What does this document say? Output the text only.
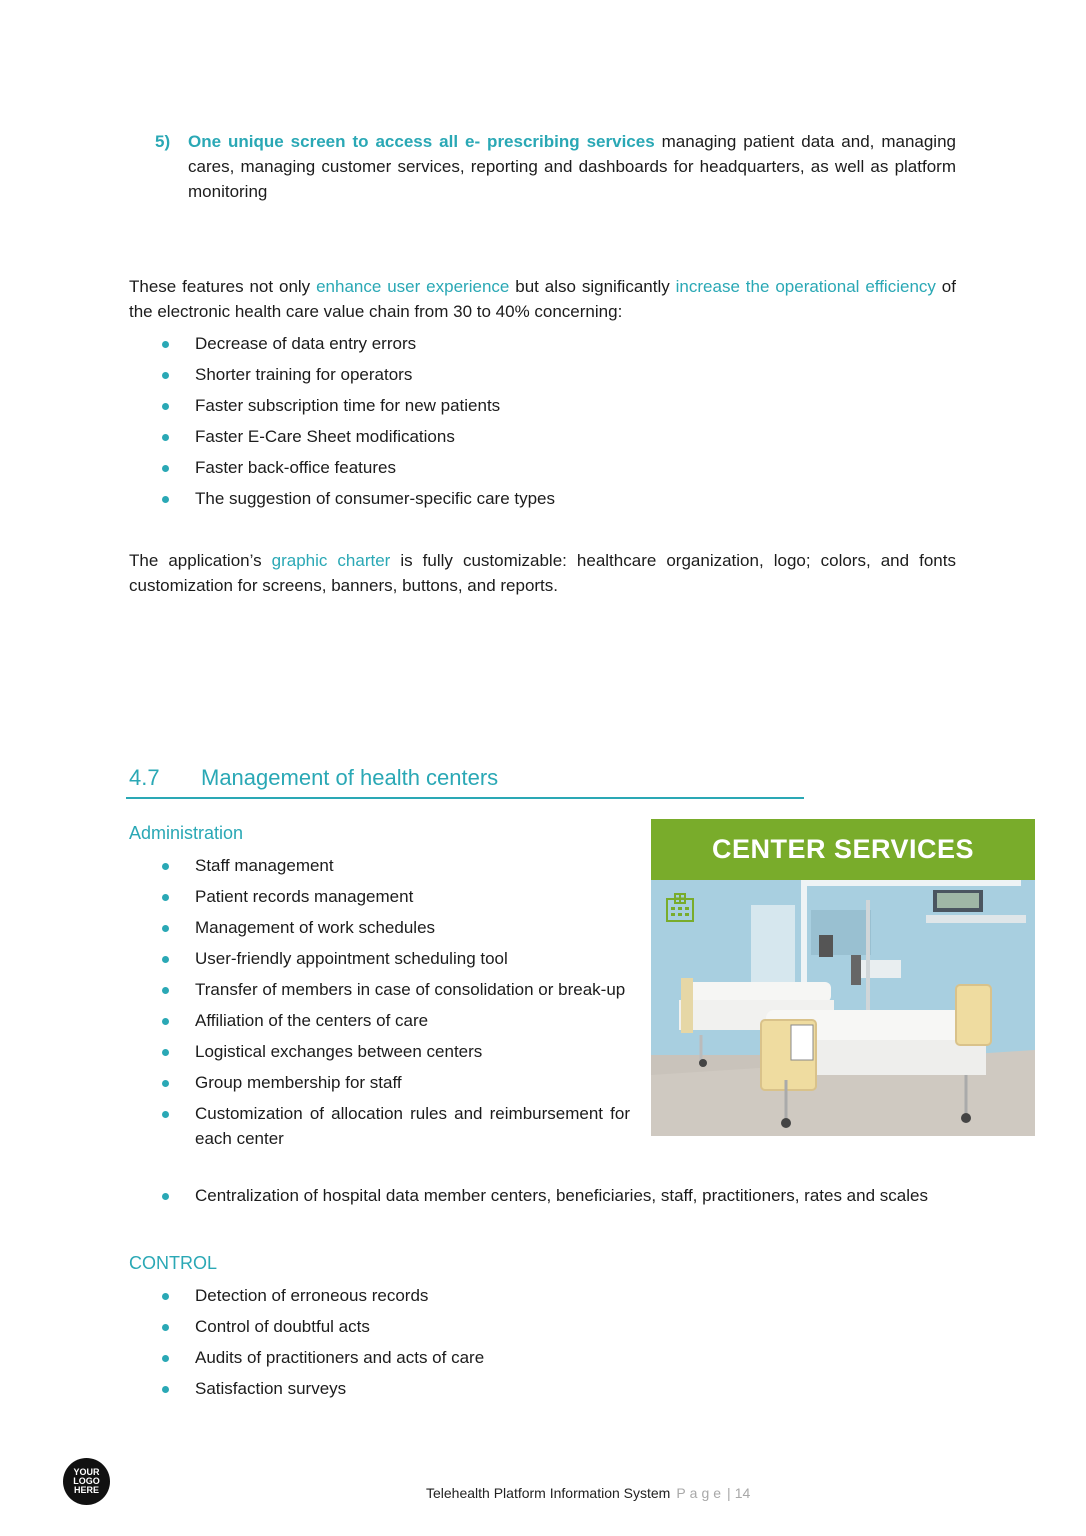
5) One unique screen to access all e- prescribing services managing patient data and, managing cares, managing customer services, reporting and dashboards for headquarters, as well as platform monitoring

These features not only enhance user experience but also significantly increase the operational efficiency of the electronic health care value chain from 30 to 40% concerning:

Decrease of data entry errors
Shorter training for operators
Faster subscription time for new patients
Faster E-Care Sheet modifications
Faster back-office features
The suggestion of consumer-specific care types

The application’s graphic charter is fully customizable: healthcare organization, logo; colors, and fonts customization for screens, banners, buttons, and reports.

4.7 Management of health centers
Administration
Staff management
Patient records management
Management of work schedules
User-friendly appointment scheduling tool
Transfer of members in case of consolidation or break-up
Affiliation of the centers of care
Logistical exchanges between centers
Group membership for staff
Customization of allocation rules and reimbursement for each center
Centralization of hospital data member centers, beneficiaries, staff, practitioners, rates and scales
CENTER SERVICES
CONTROL
Detection of erroneous records
Control of doubtful acts
Audits of practitioners and acts of care
Satisfaction surveys
YOUR
LOGO
HERE	Telehealth Platform Information System Page | 14
